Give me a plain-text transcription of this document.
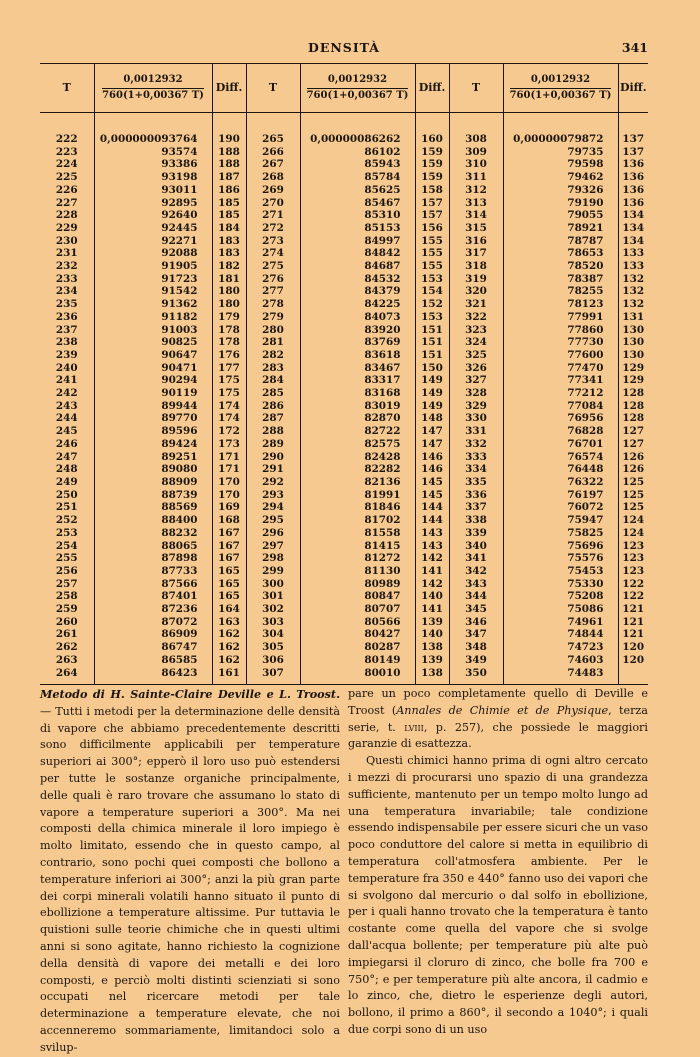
DENSITÀ	341
T	$\frac{0,0012932}{760(1+0,00367 T)}$	Diff.	T	$\frac{0,0012932}{760(1+0,00367 T)}$	Diff.	T	$\frac{0,0012932}{760(1+0,00367 T)}$	Diff.

222	0,000000093764	190	265	0,00000086262	160	308	0,00000079872	137
223	93574	188	266	86102	159	309	79735	137
224	93386	188	267	85943	159	310	79598	136
225	93198	187	268	85784	159	311	79462	136
226	93011	186	269	85625	158	312	79326	136
227	92895	185	270	85467	157	313	79190	136
228	92640	185	271	85310	157	314	79055	134
229	92445	184	272	85153	156	315	78921	134
230	92271	183	273	84997	155	316	78787	134
231	92088	183	274	84842	155	317	78653	133
232	91905	182	275	84687	155	318	78520	133
233	91723	181	276	84532	153	319	78387	132
234	91542	180	277	84379	154	320	78255	132
235	91362	180	278	84225	152	321	78123	132
236	91182	179	279	84073	153	322	77991	131
237	91003	178	280	83920	151	323	77860	130
238	90825	178	281	83769	151	324	77730	130
239	90647	176	282	83618	151	325	77600	130
240	90471	177	283	83467	150	326	77470	129
241	90294	175	284	83317	149	327	77341	129
242	90119	175	285	83168	149	328	77212	128
243	89944	174	286	83019	149	329	77084	128
244	89770	174	287	82870	148	330	76956	128
245	89596	172	288	82722	147	331	76828	127
246	89424	173	289	82575	147	332	76701	127
247	89251	171	290	82428	146	333	76574	126
248	89080	171	291	82282	146	334	76448	126
249	88909	170	292	82136	145	335	76322	125
250	88739	170	293	81991	145	336	76197	125
251	88569	169	294	81846	144	337	76072	125
252	88400	168	295	81702	144	338	75947	124
253	88232	167	296	81558	143	339	75825	124
254	88065	167	297	81415	143	340	75696	123
255	87898	167	298	81272	142	341	75576	123
256	87733	165	299	81130	141	342	75453	123
257	87566	165	300	80989	142	343	75330	122
258	87401	165	301	80847	140	344	75208	122
259	87236	164	302	80707	141	345	75086	121
260	87072	163	303	80566	139	346	74961	121
261	86909	162	304	80427	140	347	74844	121
262	86747	162	305	80287	138	348	74723	120
263	86585	162	306	80149	139	349	74603	120
264	86423	161	307	80010	138	350	74483	

Metodo di H. Sainte-Claire Deville e L. Troost. — Tutti i metodi per la determinazione delle densità di vapore che abbiamo precedentemente descritti sono difficilmente applicabili per temperature superiori ai 300°; epperò il loro uso può estendersi per tutte le sostanze organiche principalmente, delle quali è raro trovare che assumano lo stato di vapore a temperature superiori a 300°. Ma nei composti della chimica minerale il loro impiego è molto limitato, essendo che in questo campo, al contrario, sono pochi quei composti che bollono a temperature inferiori ai 300°; anzi la più gran parte dei corpi minerali volatili hanno situato il punto di ebollizione a temperature altissime. Pur tuttavia le quistioni sulle teorie chimiche che in questi ultimi anni si sono agitate, hanno richiesto la cognizione della densità di vapore dei metalli e dei loro composti, e perciò molti distinti scienziati si sono occupati nel ricercare metodi per tale determinazione a temperature elevate, che noi accenneremo sommariamente, limitandoci solo a svilup-

pare un poco completamente quello di Deville e Troost (Annales de Chimie et de Physique, terza serie, t. lviii, p. 257), che possiede le maggiori garanzie di esattezza.

Questi chimici hanno prima di ogni altro cercato i mezzi di procurarsi uno spazio di una grandezza sufficiente, mantenuto per un tempo molto lungo ad una temperatura invariabile; tale condizione essendo indispensabile per essere sicuri che un vaso poco conduttore del calore si metta in equilibrio di temperatura coll'atmosfera ambiente. Per le temperature fra 350 e 440° fanno uso dei vapori che si svolgono dal mercurio o dal solfo in ebollizione, per i quali hanno trovato che la temperatura è tanto costante come quella del vapore che si svolge dall'acqua bollente; per temperature più alte può impiegarsi il cloruro di zinco, che bolle fra 700 e 750°; e per temperature più alte ancora, il cadmio e lo zinco, che, dietro le esperienze degli autori, bollono, il primo a 860°, il secondo a 1040°; i quali due corpi sono di un uso
